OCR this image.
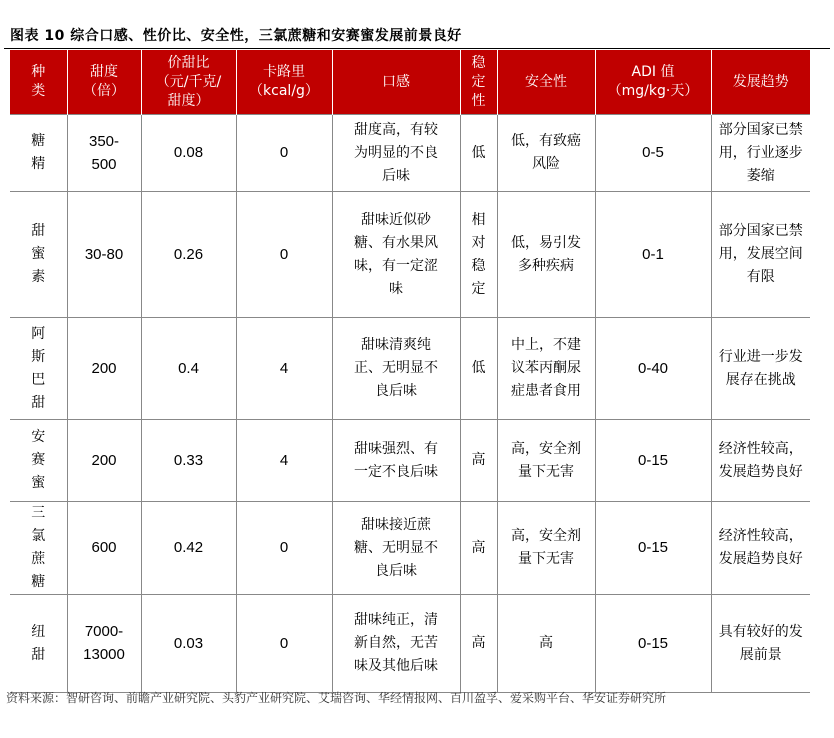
图表 10 综合口感、性价比、安全性，三氯蔗糖和安赛蜜发展前景良好
种类	甜度（倍）	价甜比（元/千克/甜度）	卡路里（kcal/g）	口感	稳定性	安全性	ADI 值（mg/kg·天）	发展趋势
糖精	350-500	0.08	0	甜度高，有较为明显的不良后味	低	低，有致癌风险	0-5	部分国家已禁用，行业逐步萎缩
甜蜜素	30-80	0.26	0	甜味近似砂糖、有水果风味，有一定涩味	相对稳定	低，易引发多种疾病	0-1	部分国家已禁用，发展空间有限
阿斯巴甜	200	0.4	4	甜味清爽纯正、无明显不良后味	低	中上，不建议苯丙酮尿症患者食用	0-40	行业进一步发展存在挑战
安赛蜜	200	0.33	4	甜味强烈、有一定不良后味	高	高，安全剂量下无害	0-15	经济性较高，发展趋势良好
三氯蔗糖	600	0.42	0	甜味接近蔗糖、无明显不良后味	高	高，安全剂量下无害	0-15	经济性较高，发展趋势良好
纽甜	7000-13000	0.03	0	甜味纯正，清新自然，无苦味及其他后味	高	高	0-15	具有较好的发展前景
资料来源：智研咨询、前瞻产业研究院、头豹产业研究院、艾瑞咨询、华经情报网、百川盈孚、爱采购平台、华安证券研究所
